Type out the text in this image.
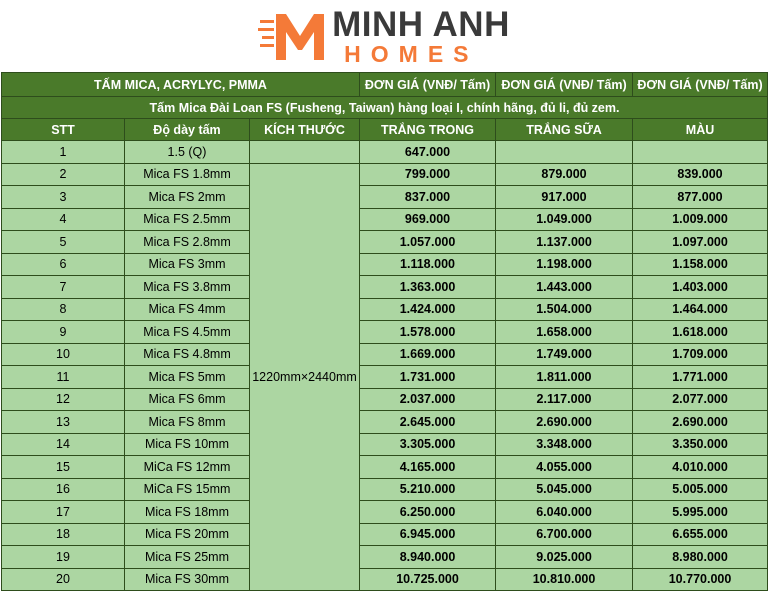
MINH ANH
HOMES
TẤM MICA, ACRYLYC, PMMA			ĐƠN GIÁ (VNĐ/ Tấm)	ĐƠN GIÁ (VNĐ/ Tấm)	ĐƠN GIÁ (VNĐ/ Tấm)
Tấm Mica Đài Loan FS (Fusheng, Taiwan) hàng loại I, chính hãng, đủ li, đủ zem.					
STT	Độ dày tấm	KÍCH THƯỚC	TRẮNG TRONG	TRẮNG SỮA	MÀU
1	1.5 (Q)		647.000		
2	Mica FS 1.8mm	1220mm×2440mm	799.000	879.000	839.000
3	Mica FS 2mm		837.000	917.000	877.000
4	Mica FS 2.5mm		969.000	1.049.000	1.009.000
5	Mica FS 2.8mm		1.057.000	1.137.000	1.097.000
6	Mica FS 3mm		1.118.000	1.198.000	1.158.000
7	Mica FS 3.8mm		1.363.000	1.443.000	1.403.000
8	Mica FS 4mm		1.424.000	1.504.000	1.464.000
9	Mica FS 4.5mm		1.578.000	1.658.000	1.618.000
10	Mica FS 4.8mm		1.669.000	1.749.000	1.709.000
11	Mica FS 5mm		1.731.000	1.811.000	1.771.000
12	Mica FS 6mm		2.037.000	2.117.000	2.077.000
13	Mica FS 8mm		2.645.000	2.690.000	2.690.000
14	Mica FS 10mm		3.305.000	3.348.000	3.350.000
15	MiCa FS 12mm		4.165.000	4.055.000	4.010.000
16	MiCa FS 15mm		5.210.000	5.045.000	5.005.000
17	Mica FS 18mm		6.250.000	6.040.000	5.995.000
18	Mica FS 20mm		6.945.000	6.700.000	6.655.000
19	Mica FS 25mm		8.940.000	9.025.000	8.980.000
20	Mica FS 30mm		10.725.000	10.810.000	10.770.000
